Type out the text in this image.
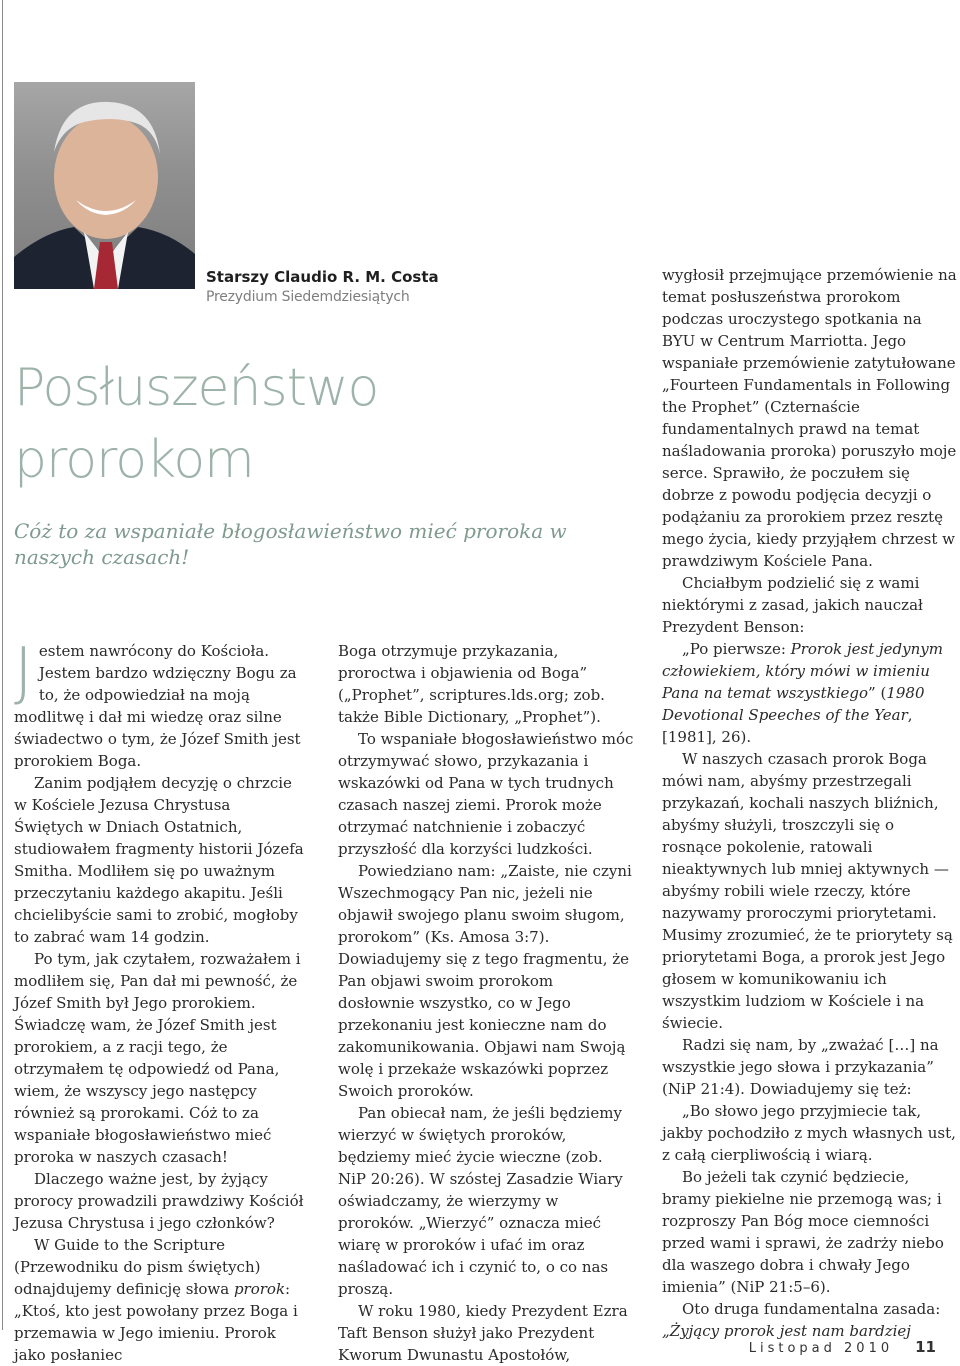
Starszy Claudio R. M. Costa
Prezydium Siedemdziesiątych
Posłuszeństwo
prorokom
Cóż to za wspaniałe błogosławieństwo mieć proroka w naszych czasach!

Jestem nawrócony do Kościoła. Jestem bardzo wdzięczny Bogu za to, że odpowiedział na moją modlitwę i dał mi wiedzę oraz silne świadectwo o tym, że Józef Smith jest prorokiem Boga.

Zanim podjąłem decyzję o chrzcie w Kościele Jezusa Chrystusa Świętych w Dniach Ostatnich, studiowałem fragmenty historii Józefa Smitha. Modliłem się po uważnym przeczytaniu każdego akapitu. Jeśli chcielibyście sami to zrobić, mogłoby to zabrać wam 14 godzin.

Po tym, jak czytałem, rozważałem i modliłem się, Pan dał mi pewność, że Józef Smith był Jego prorokiem. Świadczę wam, że Józef Smith jest prorokiem, a z racji tego, że otrzymałem tę odpowiedź od Pana, wiem, że wszyscy jego następcy również są prorokami. Cóż to za wspaniałe błogosławieństwo mieć proroka w naszych czasach!

Dlaczego ważne jest, by żyjący prorocy prowadzili prawdziwy Kościół Jezusa Chrystusa i jego członków?

W Guide to the Scripture (Przewodniku do pism świętych) odnajdujemy definicję słowa prorok: „Ktoś, kto jest powołany przez Boga i przemawia w Jego imieniu. Prorok jako posłaniec

Boga otrzymuje przykazania, proroctwa i objawienia od Boga” („Prophet”, scriptures.lds.org; zob. także Bible Dictionary, „Prophet”).

To wspaniałe błogosławieństwo móc otrzymywać słowo, przykazania i wskazówki od Pana w tych trudnych czasach naszej ziemi. Prorok może otrzymać natchnienie i zobaczyć przyszłość dla korzyści ludzkości.

Powiedziano nam: „Zaiste, nie czyni Wszechmogący Pan nic, jeżeli nie objawił swojego planu swoim sługom, prorokom” (Ks. Amosa 3:7). Dowiadujemy się z tego fragmentu, że Pan objawi swoim prorokom dosłownie wszystko, co w Jego przekonaniu jest konieczne nam do zakomunikowania. Objawi nam Swoją wolę i przekaże wskazówki poprzez Swoich proroków.

Pan obiecał nam, że jeśli będziemy wierzyć w świętych proroków, będziemy mieć życie wieczne (zob. NiP 20:26). W szóstej Zasadzie Wiary oświadczamy, że wierzymy w proroków. „Wierzyć” oznacza mieć wiarę w proroków i ufać im oraz naśladować ich i czynić to, o co nas proszą.

W roku 1980, kiedy Prezydent Ezra Taft Benson służył jako Prezydent Kworum Dwunastu Apostołów,

wygłosił przejmujące przemówienie na temat posłuszeństwa prorokom podczas uroczystego spotkania na BYU w Centrum Marriotta. Jego wspaniałe przemówienie zatytułowane „Fourteen Fundamentals in Following the Prophet” (Czternaście fundamentalnych prawd na temat naśladowania proroka) poruszyło moje serce. Sprawiło, że poczułem się dobrze z powodu podjęcia decyzji o podążaniu za prorokiem przez resztę mego życia, kiedy przyjąłem chrzest w prawdziwym Kościele Pana.

Chciałbym podzielić się z wami niektórymi z zasad, jakich nauczał Prezydent Benson:

„Po pierwsze: Prorok jest jedynym człowiekiem, który mówi w imieniu Pana na temat wszystkiego” (1980 Devotional Speeches of the Year, [1981], 26).

W naszych czasach prorok Boga mówi nam, abyśmy przestrzegali przykazań, kochali naszych bliźnich, abyśmy służyli, troszczyli się o rosnące pokolenie, ratowali nieaktywnych lub mniej aktywnych — abyśmy robili wiele rzeczy, które nazywamy proroczymi priorytetami. Musimy zrozumieć, że te priorytety są priorytetami Boga, a prorok jest Jego głosem w komunikowaniu ich wszystkim ludziom w Kościele i na świecie.

Radzi się nam, by „zważać […] na wszystkie jego słowa i przykazania” (NiP 21:4). Dowiadujemy się też:

„Bo słowo jego przyjmiecie tak, jakby pochodziło z mych własnych ust, z całą cierpliwością i wiarą.

Bo jeżeli tak czynić będziecie, bramy piekielne nie przemogą was; i rozproszy Pan Bóg moce ciemności przed wami i sprawi, że zadrży niebo dla waszego dobra i chwały Jego imienia” (NiP 21:5–6).

Oto druga fundamentalna zasada:

„Żyjący prorok jest nam bardziej

Listopad 2010 11
